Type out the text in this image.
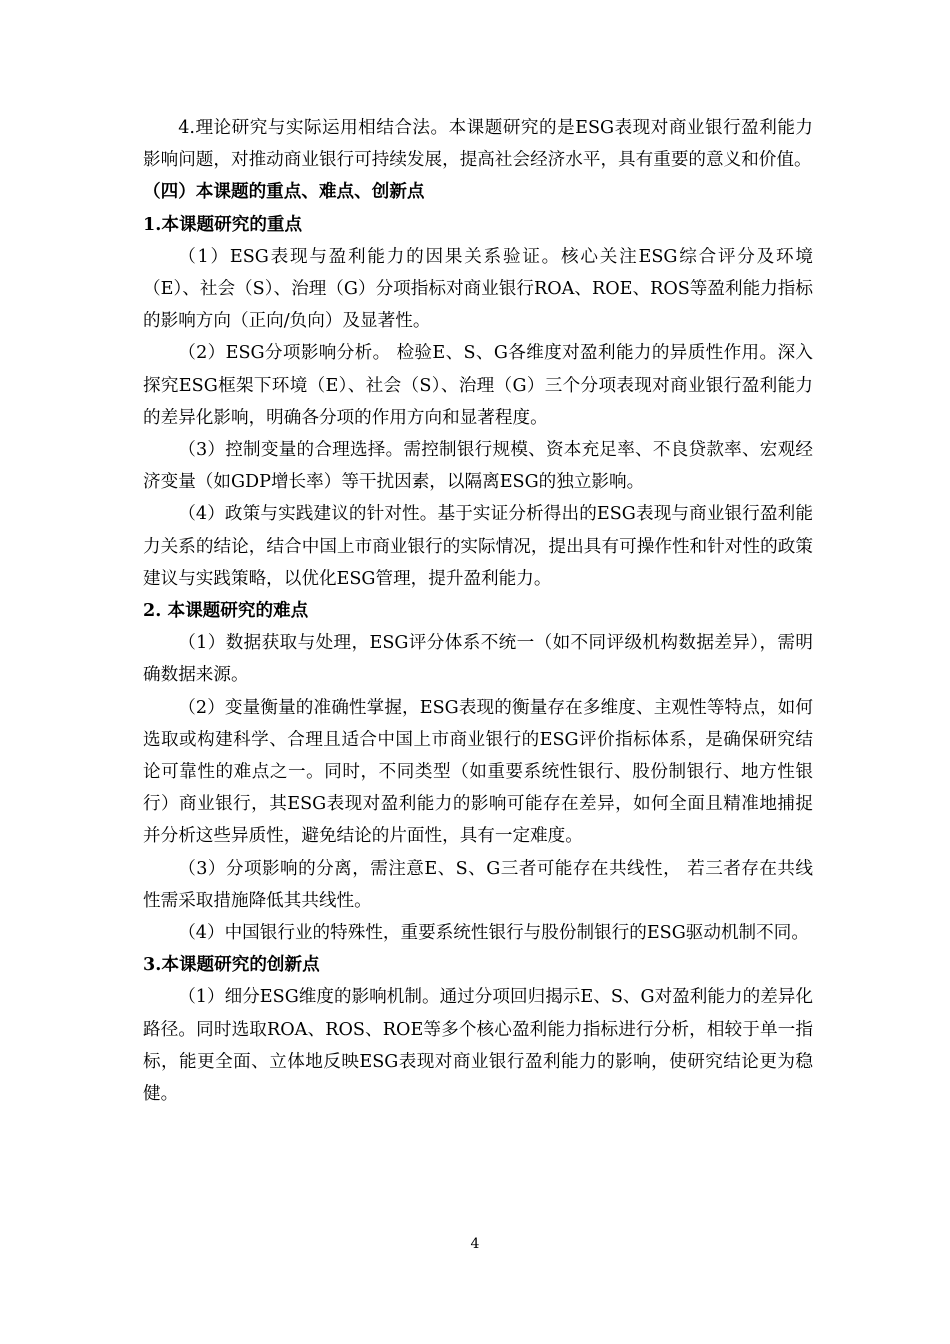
4.理论研究与实际运用相结合法。本课题研究的是ESG表现对商业银行盈利能力影响问题，对推动商业银行可持续发展，提高社会经济水平，具有重要的意义和价值。

（四）本课题的重点、难点、创新点

1.本课题研究的重点

（1）ESG表现与盈利能力的因果关系验证。核心关注ESG综合评分及环境（E）、社会（S）、治理（G）分项指标对商业银行ROA、ROE、ROS等盈利能力指标的影响方向（正向/负向）及显著性。

（2）ESG分项影响分析。 检验E、S、G各维度对盈利能力的异质性作用。深入探究ESG框架下环境（E）、社会（S）、治理（G）三个分项表现对商业银行盈利能力的差异化影响，明确各分项的作用方向和显著程度。

（3）控制变量的合理选择。需控制银行规模、资本充足率、不良贷款率、宏观经济变量（如GDP增长率）等干扰因素，以隔离ESG的独立影响。

（4）政策与实践建议的针对性。基于实证分析得出的ESG表现与商业银行盈利能力关系的结论，结合中国上市商业银行的实际情况，提出具有可操作性和针对性的政策建议与实践策略，以优化ESG管理，提升盈利能力。

2. 本课题研究的难点

（1）数据获取与处理，ESG评分体系不统一（如不同评级机构数据差异），需明确数据来源。

（2）变量衡量的准确性掌握，ESG表现的衡量存在多维度、主观性等特点，如何选取或构建科学、合理且适合中国上市商业银行的ESG评价指标体系，是确保研究结论可靠性的难点之一。同时，不同类型（如重要系统性银行、股份制银行、地方性银行）商业银行，其ESG表现对盈利能力的影响可能存在差异，如何全面且精准地捕捉并分析这些异质性，避免结论的片面性，具有一定难度。

（3）分项影响的分离，需注意E、S、G三者可能存在共线性， 若三者存在共线性需采取措施降低其共线性。

（4）中国银行业的特殊性，重要系统性银行与股份制银行的ESG驱动机制不同。

3.本课题研究的创新点

（1）细分ESG维度的影响机制。通过分项回归揭示E、S、G对盈利能力的差异化路径。同时选取ROA、ROS、ROE等多个核心盈利能力指标进行分析，相较于单一指标，能更全面、立体地反映ESG表现对商业银行盈利能力的影响，使研究结论更为稳健。

4
